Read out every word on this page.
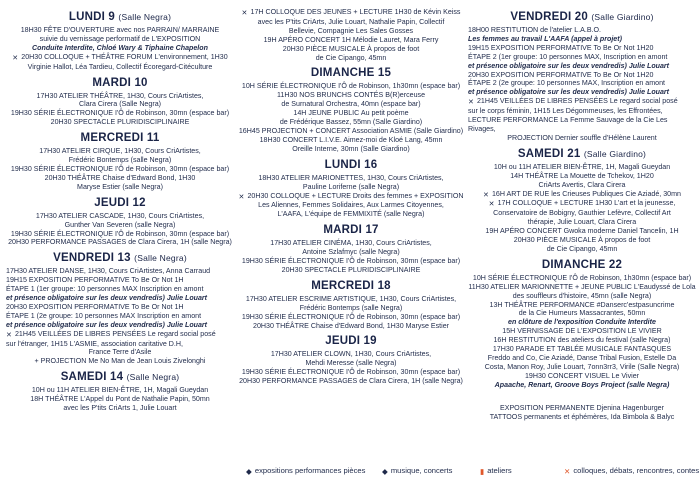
LUNDI 9 (Salle Negra)
18H30 FÊTE D'OUVERTURE avec nos PARRAIN/ MARRAINE
suivie du vernissage performatif de L'EXPOSITION
Conduite Interdite, Chloé Wary & Tiphaine Chapelon
✕ 20H30 COLLOQUE + THÉÂTRE FORUM L'environnement, 1H30
Virginie Hallot, Léa Tardieu, Collectif Écoregard-Citéculture
MARDI 10
17H30 ATELIER THÉÂTRE, 1H30, Cours CriArtistes,
Clara Cirera (Salle Negra)
19H30 SÉRIE ÉLECTRONIQUE I'Ô de Robinson, 30mn (espace bar)
20H30 SPECTACLE PLURIDISCIPLINAIRE
MERCREDI 11
17H30 ATELIER CIRQUE, 1H30, Cours CriArtistes,
Frédéric Bontemps (salle Negra)
19H30 SÉRIE ÉLECTRONIQUE I'Ô de Robinson, 30mn (espace bar)
20H30 THÉÂTRE Chaise d'Edward Bond, 1H30
Maryse Estier (salle Negra)
JEUDI 12
17H30 ATELIER CASCADE, 1H30, Cours CriArtistes,
Gunther Van Severen (salle Negra)
19H30 SÉRIE ÉLECTRONIQUE I'Ô de Robinson, 30mn (espace bar)
20H30 PERFORMANCE PASSAGES de Clara Cirera, 1H (salle Negra)
VENDREDI 13 (Salle Negra)
17H30 ATELIER DANSE, 1H30, Cours CriArtistes, Anna Carraud
19H15 EXPOSITION PERFORMATIVE To Be Or Not 1H
ÉTAPE 1 (1er groupe: 10 personnes MAX Inscription en amont
et présence obligatoire sur les deux vendredis) Julie Louart
20H30 EXPOSITION PERFORMATIVE To Be Or Not 1H
ÉTAPE 1 (2e groupe: 10 personnes MAX Inscription en amont
et présence obligatoire sur les deux vendredis) Julie Louart
✕ 21H45 VEILLÉES DE LIBRES PENSÉES Le regard social posé
sur l'étranger, 1H15 L'ASMIE, association caritative D.H,
France Terre d'Asile
+ PROJECTION Me No Man de Jean Louis Zivelonghi
SAMEDI 14 (Salle Negra)
10H ou 11H ATELIER BIEN-ÊTRE, 1H, Magali Gueydan
18H THÉÂTRE L'Appel du Pont de Nathalie Papin, 50mn
avec les P'tits CriArts 1, Julie Louart
✕ 17H COLLOQUE DES JEUNES + LECTURE 1H30 de Kévin Keiss
avec les P'tits CriArts, Julie Louart, Nathalie Papin, Collectif
Bellevie, Compagnie Les Sales Gosses
19H APÉRO CONCERT 1H Mélodie Lauret, Mara Ferry
20H30 PIÈCE MUSICALE À propos de foot
de Cie Cipango, 45mn
DIMANCHE 15
10H SÉRIE ÉLECTRONIQUE I'Ô de Robinson, 1h30mn (espace bar)
11H30 NOS BRUNCHS CONTÉS B(R)erceuse
de Surnatural Orchestra, 40mn (espace bar)
14H JEUNE PUBLIC Au petit poème
de Frédérique Bassez, 55mn (Salle Giardino)
16H45 PROJECTION + CONCERT Association ASMIE (Salle Giardino)
18H30 CONCERT L.I.V.E. Aimez-moi de Kloé Lang, 45mn
Oreille Interne, 30mn (Salle Giardino)
LUNDI 16
18H30 ATELIER MARIONETTES, 1H30, Cours CriArtistes,
Pauline Loriferne (salle Negra)
✕ 20H30 COLLOQUE + LECTURE Droits des femmes + EXPOSITION
Les Aliennes, Femmes Solidaires, Aux Larmes Citoyennes,
L'AAFA, L'équipe de FEMMIXITÉ (salle Negra)
MARDI 17
17H30 ATELIER CINÉMA, 1H30, Cours CriArtistes,
Antoine Szlafmyc (salle Negra)
19H30 SÉRIE ÉLECTRONIQUE I'Ô de Robinson, 30mn (espace bar)
20H30 SPECTACLE PLURIDISCIPLINAIRE
MERCREDI 18
17H30 ATELIER ESCRIME ARTISTIQUE, 1H30, Cours CriArtistes,
Frédéric Bontemps (salle Negra)
19H30 SÉRIE ÉLECTRONIQUE I'Ô de Robinson, 30mn (espace bar)
20H30 THÉÂTRE Chaise d'Edward Bond, 1H30 Maryse Estier
JEUDI 19
17H30 ATELIER CLOWN, 1H30, Cours CriArtistes,
Mehdi Meresse (salle Negra)
19H30 SÉRIE ÉLECTRONIQUE I'Ô de Robinson, 30mn (espace bar)
20H30 PERFORMANCE PASSAGES de Clara Cirera, 1H (salle Negra)
VENDREDI 20 (Salle Giardino)
18H00 RESTITUTION de l'atelier L.A.B.O.
Les femmes au travail L'AAFA (appel à projet)
19H15 EXPOSITION PERFORMATIVE To Be Or Not 1H20
ÉTAPE 2 (1er groupe: 10 personnes MAX, Inscription en amont
et présence obligatoire sur les deux vendredis) Julie Louart
20H30 EXPOSITION PERFORMATIVE To Be Or Not 1H20
ÉTAPE 2 (2e groupe: 10 personnes MAX, Inscription en amont
et présence obligatoire sur les deux vendredis) Julie Louart
✕ 21H45 VEILLÉES DE LIBRES PENSÉES Le regard social posé
sur le corps féminin, 1H15 Les Dégommeuses, les Effrontées,
LECTURE PERFORMANCE La Femme Sauvage de la Cie Les Rivages,
PROJECTION Dernier souffle d'Hélène Laurent
SAMEDI 21 (Salle Giardino)
10H ou 11H ATELIER BIEN-ÊTRE, 1H, Magali Gueydan
14H THÉÂTRE La Mouette de Tchekov, 1H20
CriArts Avertis, Clara Cirera
✕ 16H ART DE RUE les Crieuses Publiques Cie Aziadé, 30mn
✕ 17H COLLOQUE + LECTURE 1H30 L'art et la jeunesse,
Conservatoire de Bobigny, Gauthier Lefèvre, Collectif Art
thérapie, Julie Louart, Clara Cirera
19H APÉRO CONCERT Gwoka moderne Daniel Tancelin, 1H
20H30 PIÈCE MUSICALE À propos de foot
de Cie Cipango, 45mn
DIMANCHE 22
10H SÉRIE ÉLECTRONIQUE I'Ô de Robinson, 1h30mn (espace bar)
11H30 ATELIER MARIONNETTE + JEUNE PUBLIC L'Eaudyssé de Lola
des souffleurs d'histoire, 45mn (salle Negra)
13H THÉÂTRE PERFORMANCE #Danserc'estpasuncrime
de la Cie Humeurs Massacrantes, 50mn
en clôture de l'exposition Conduite Interdite
15H VERNISSAGE DE L'EXPOSITION LE VIVIER
16H RESTITUTION des ateliers du festival (salle Negra)
17H30 PARADE ET TABLÉE MUSICALE FANTASQUES
Freddo and Co, Cie Aziadé, Danse Tribal Fusion, Estelle Da
Costa, Manon Roy, Julie Louart, 7onn3rr3, Virile (Salle Negra)
19H30 CONCERT VISUEL Le Vivier
Apaache, Renart, Groove Boys Project (salle Negra)
EXPOSITION PERMANENTE Djenina Hagenburger
TATTOOS permanents et éphémères, Ida Bimbola & Balyc
◆ expositions performances pièces ◆ musique, concerts	▮ ateliers	✕ colloques, débats, rencontres, contes
